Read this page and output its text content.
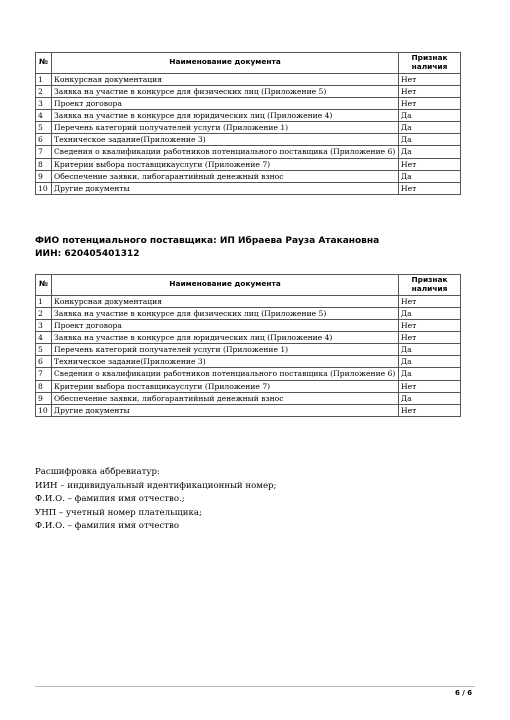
№	Наименование документа	Признак наличия
1	Конкурсная документация	Нет
2	Заявка на участие в конкурсе для физических лиц (Приложение 5)	Нет
3	Проект договора	Нет
4	Заявка на участие в конкурсе для юридических лиц (Приложение 4)	Да
5	Перечень категорий получателей услуги (Приложение 1)	Да
6	Техническое задание(Приложение 3)	Да
7	Сведения о квалификации работников потенциального поставщика (Приложение 6)	Да
8	Критерии выбора поставщикауслуги (Приложение 7)	Нет
9	Обеспечение заявки, либогарантийный денежный взнос	Да
10	Другие документы	Нет
ФИО потенциального поставщика: ИП Ибраева Рауза Атакановна
ИИН: 620405401312
№	Наименование документа	Признак наличия
1	Конкурсная документация	Нет
2	Заявка на участие в конкурсе для физических лиц (Приложение 5)	Да
3	Проект договора	Нет
4	Заявка на участие в конкурсе для юридических лиц (Приложение 4)	Нет
5	Перечень категорий получателей услуги (Приложение 1)	Да
6	Техническое задание(Приложение 3)	Да
7	Сведения о квалификации работников потенциального поставщика (Приложение 6)	Да
8	Критерии выбора поставщикауслуги (Приложение 7)	Нет
9	Обеспечение заявки, либогарантийный денежный взнос	Да
10	Другие документы	Нет
Расшифровка аббревиатур:
ИИН – индивидуальный идентификационный номер;
Ф.И.О. – фамилия имя отчество.;
УНП – учетный номер плательщика;
Ф.И.О. – фамилия имя отчество
6 / 6
